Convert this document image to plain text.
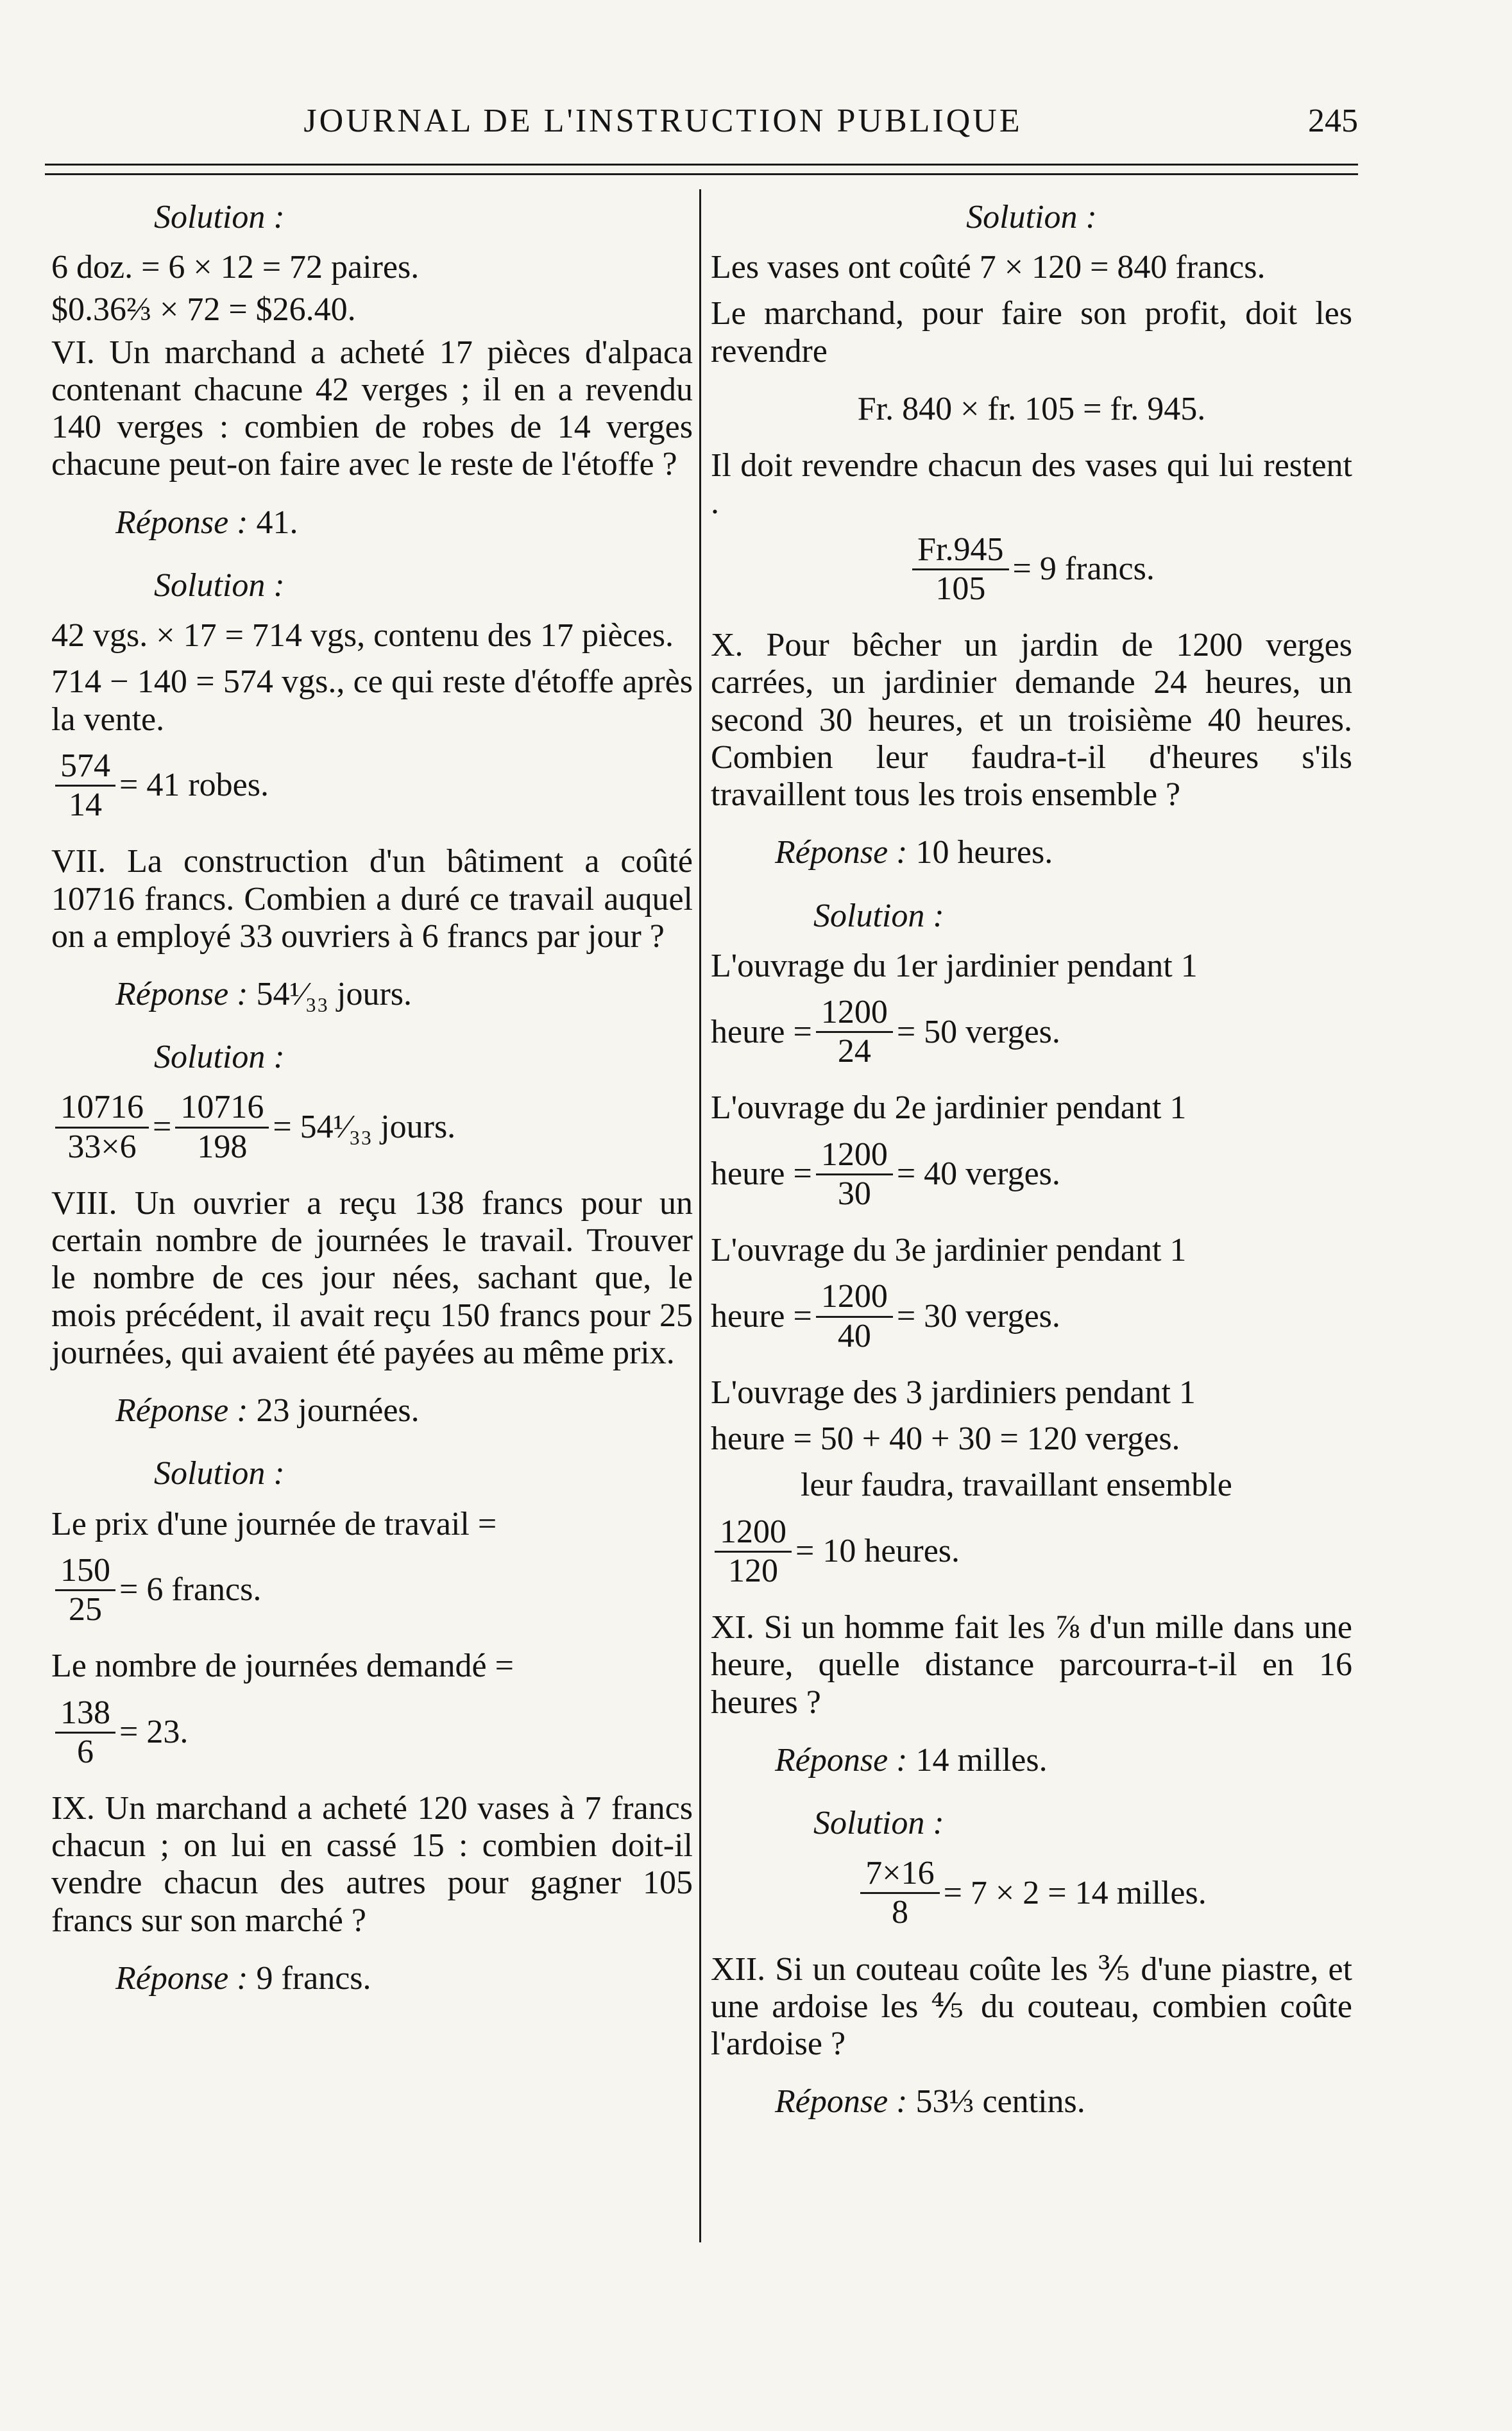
JOURNAL DE L'INSTRUCTION PUBLIQUE	245
Solution :
6 doz. = 6 × 12 = 72 paires.
$0.36⅔ × 72 = $26.40.
VI. Un marchand a acheté 17 pièces d'alpaca contenant chacune 42 verges ; il en a revendu 140 verges : combien de robes de 14 verges chacune peut-on faire avec le reste de l'étoffe ?
Réponse : 41.
Solution :
42 vgs. × 17 = 714 vgs, contenu des 17 pièces.
714 − 140 = 574 vgs., ce qui reste d'étoffe après la vente.
$\frac{574}{14} = 41$ robes.
VII. La construction d'un bâtiment a coûté 10716 francs. Combien a duré ce travail auquel on a employé 33 ouvriers à 6 francs par jour ?
Réponse : 54¹⁄₃₃ jours.
Solution :
$\frac{10716}{33\times 6} = \frac{10716}{198}$ = 54¹⁄₃₃ jours.
VIII. Un ouvrier a reçu 138 francs pour un certain nombre de journées le travail. Trouver le nombre de ces jour nées, sachant que, le mois précédent, il avait reçu 150 francs pour 25 journées, qui avaient été payées au même prix.
Réponse : 23 journées.
Solution :
Le prix d'une journée de travail =
$\frac{150}{25} = 6$ francs.
Le nombre de journées demandé =
$\frac{138}{6} = 23$.
IX. Un marchand a acheté 120 vases à 7 francs chacun ; on lui en cassé 15 : combien doit-il vendre chacun des autres pour gagner 105 francs sur son marché ?
Réponse : 9 francs.
Solution :
Les vases ont coûté 7 × 120 = 840 francs.
Le marchand, pour faire son profit, doit les revendre
Fr. 840 × fr. 105 = fr. 945.
Il doit revendre chacun des vases qui lui restent .
$\frac{Fr.945}{105} = 9$ francs.
X. Pour bêcher un jardin de 1200 verges carrées, un jardinier demande 24 heures, un second 30 heures, et un troisième 40 heures. Combien leur faudra-t-il d'heures s'ils travaillent tous les trois ensemble ?
Réponse : 10 heures.
Solution :
L'ouvrage du 1er jardinier pendant 1
heure = $\frac{1200}{24} = 50$ verges.
L'ouvrage du 2e jardinier pendant 1
heure = $\frac{1200}{30} = 40$ verges.
L'ouvrage du 3e jardinier pendant 1
heure = $\frac{1200}{40} = 30$ verges.
L'ouvrage des 3 jardiniers pendant 1
heure = 50 + 40 + 30 = 120 verges.
leur faudra, travaillant ensemble
$\frac{1200}{120} = 10$ heures.
XI. Si un homme fait les ⅞ d'un mille dans une heure, quelle distance parcourra-t-il en 16 heures ?
Réponse : 14 milles.
Solution :
$\frac{7\times 16}{8} = 7 \times 2 = 14$ milles.
XII. Si un couteau coûte les ⅗ d'une piastre, et une ardoise les ⅘ du couteau, combien coûte l'ardoise ?
Réponse : 53⅓ centins.
